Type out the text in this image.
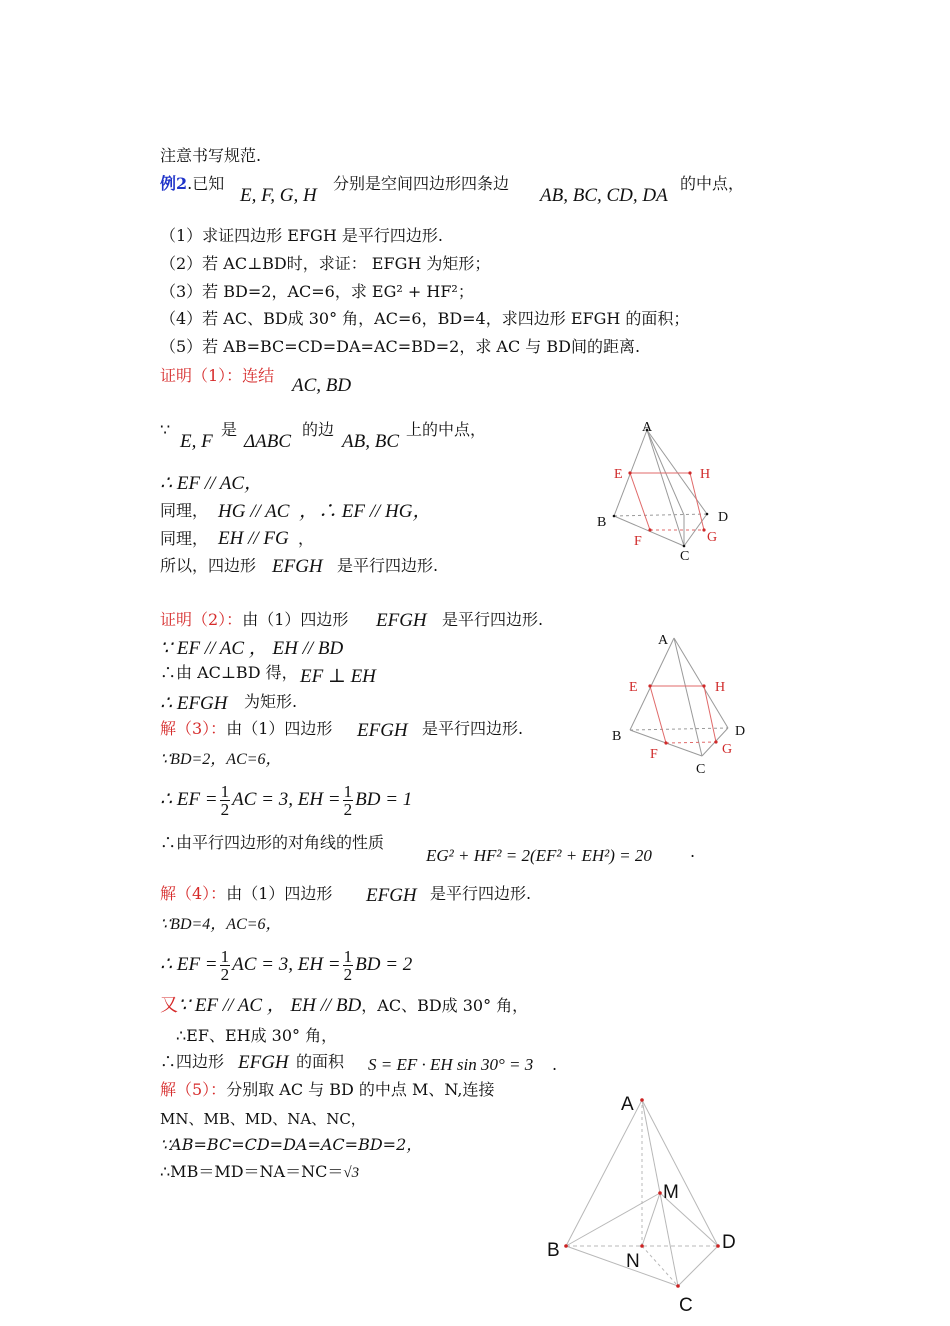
注意书写规范.
例2.已知
E, F, G, H
分别是空间四边形四条边
AB, BC, CD, DA
的中点，
（1）求证四边形 EFGH 是平行四边形.
（2）若 AC⊥BD时，求证： EFGH 为矩形；
（3）若 BD=2，AC=6，求 EG² + HF²；
（4）若 AC、BD成 30° 角，AC=6，BD=4，求四边形 EFGH 的面积；
（5）若 AB=BC=CD=DA=AC=BD=2，求 AC 与 BD间的距离.
证明（1）：连结 AC, BD
∵
E, F
是
ΔABC
的边
AB, BC
上的中点，
∴ EF // AC，
同理， HG // AC ，∴ EF // HG，
同理， EH // FG ，
所以，四边形 EFGH 是平行四边形.
A
B
C
D
E
F	G
H
证明（2）：由（1）四边形 EFGH 是平行四边形.
∵ EF // AC ， EH // BD
∴由 AC⊥BD 得， EF ⊥ EH
∴ EFGH 为矩形.
A
B
C
D
E
F	G
H
解（3）：由（1）四边形 EFGH 是平行四边形.
∵BD=2，AC=6，
∴ EF = $\frac{1}{2}$ AC = 3, EH = $\frac{1}{2}$ BD = 1
∴由平行四边形的对角线的性质
EG² + HF² = 2(EF² + EH²) = 20 .
解（4）：由（1）四边形 EFGH 是平行四边形.
∵BD=4，AC=6，
∴ EF = $\frac{1}{2}$ AC = 3, EH = $\frac{1}{2}$ BD = 2
又∵ EF // AC ， EH // BD，AC、BD成 30° 角，
∴EF、EH成 30° 角，
∴四边形 EFGH 的面积 S = EF · EH sin 30° = 3 .
解（5）：分别取 AC 与 BD 的中点 M、N,连接
MN、MB、MD、NA、NC，
∵AB=BC=CD=DA=AC=BD=2，
∴MB＝MD＝NA＝NC＝√3
A
B
C
D
M
N
